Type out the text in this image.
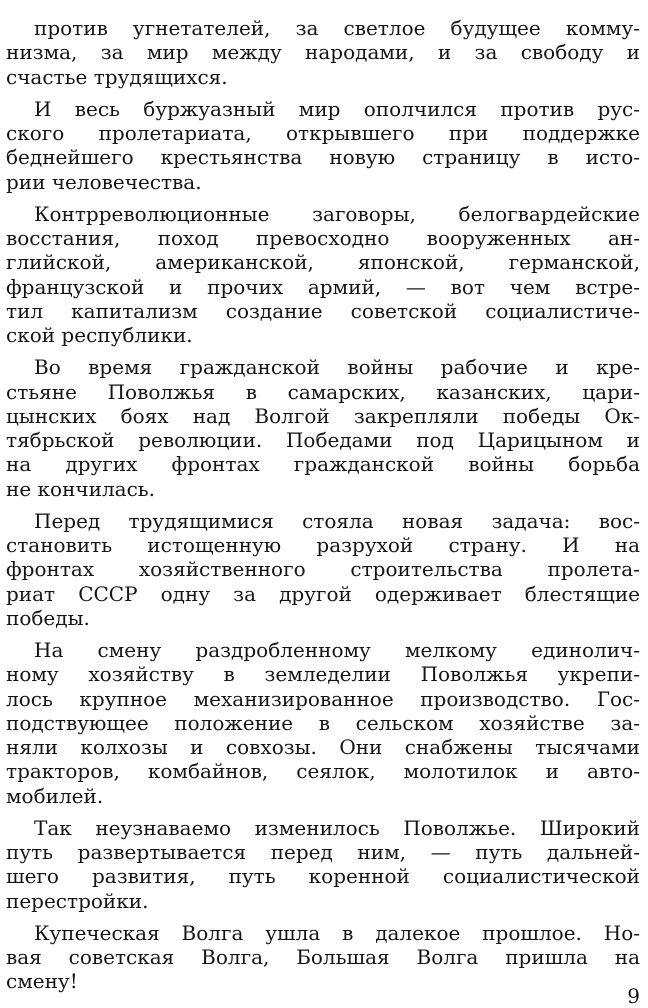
против угнетателей, за светлое будущее комму-
низма, за мир между народами, и за свободу и
счастье трудящихся.
И весь буржуазный мир ополчился против рус-
ского пролетариата, открывшего при поддержке
беднейшего крестьянства новую страницу в исто-
рии человечества.
Контрреволюционные заговоры, белогвардейские
восстания, поход превосходно вооруженных ан-
глийской, американской, японской, германской,
французской и прочих армий, — вот чем встре-
тил капитализм создание советской социалистиче-
ской республики.
Во время гражданской войны рабочие и кре-
стьяне Поволжья в самарских, казанских, цари-
цынских боях над Волгой закрепляли победы Ок-
тябрьской революции. Победами под Царицыном и
на других фронтах гражданской войны борьба
не кончилась.
Перед трудящимися стояла новая задача: вос-
становить истощенную разрухой страну. И на
фронтах хозяйственного строительства пролета-
риат СССР одну за другой одерживает блестящие
победы.
На смену раздробленному мелкому единолич-
ному хозяйству в земледелии Поволжья укрепи-
лось крупное механизированное производство. Гос-
подствующее положение в сельском хозяйстве за-
няли колхозы и совхозы. Они снабжены тысячами
тракторов, комбайнов, сеялок, молотилок и авто-
мобилей.
Так неузнаваемо изменилось Поволжье. Широкий
путь развертывается перед ним, — путь дальней-
шего развития, путь коренной социалистической
перестройки.
Купеческая Волга ушла в далекое прошлое. Но-
вая советская Волга, Большая Волга пришла на
смену!
9
